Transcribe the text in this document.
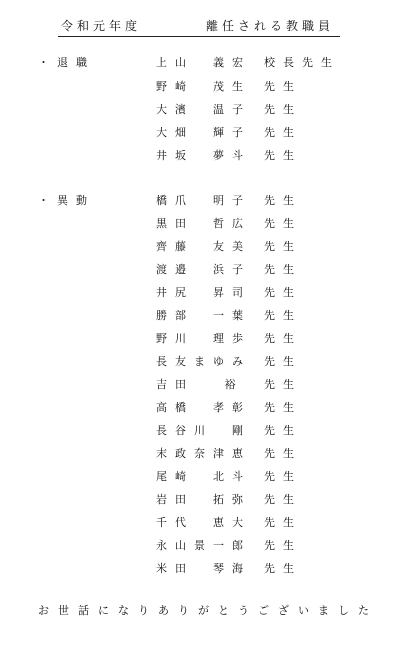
令和元年度	離任される教職員
・退職	上山　義宏 校長先生
野崎　茂生 先生
大濱　温子 先生
大畑　輝子 先生
井坂　夢斗 先生
・異動	橋爪　明子 先生
黒田　哲広 先生
齊藤　友美 先生
渡邉　浜子 先生
井尻　昇司 先生
勝部　一葉 先生
野川　理歩 先生
長友まゆみ 先生
吉田　 裕 先生
高橋　孝彰 先生
長谷川　剛 先生
末政奈津恵 先生
尾崎　北斗 先生
岩田　拓弥 先生
千代　恵大 先生
永山景一郎 先生
米田　琴海 先生
お世話になりありがとうございました
